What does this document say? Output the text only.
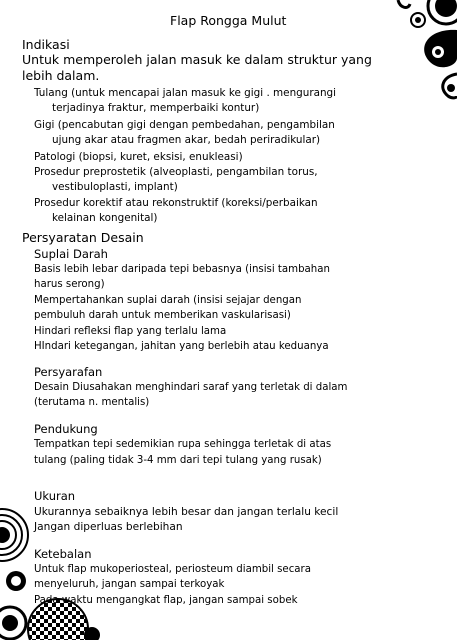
Flap Rongga Mulut
Indikasi
Untuk memperoleh jalan masuk ke dalam struktur yang
lebih dalam.
Tulang (untuk mencapai jalan masuk ke gigi . mengurangi
terjadinya fraktur, memperbaiki kontur)
Gigi (pencabutan gigi dengan pembedahan, pengambilan
ujung akar atau fragmen akar, bedah periradikular)
Patologi (biopsi, kuret, eksisi, enukleasi)
Prosedur preprostetik (alveoplasti, pengambilan torus,
vestibuloplasti, implant)
Prosedur korektif atau rekonstruktif (koreksi/perbaikan
kelainan kongenital)
Persyaratan Desain
Suplai Darah
Basis lebih lebar daripada tepi bebasnya (insisi tambahan
harus serong)
Mempertahankan suplai darah (insisi sejajar dengan
pembuluh darah untuk memberikan vaskularisasi)
Hindari refleksi flap yang terlalu lama
HIndari ketegangan, jahitan yang berlebih atau keduanya
Persyarafan
Desain Diusahakan menghindari saraf yang terletak di dalam
(terutama n. mentalis)
Pendukung
Tempatkan tepi sedemikian rupa sehingga terletak di atas
tulang (paling tidak 3-4 mm dari tepi tulang yang rusak)
Ukuran
Ukurannya sebaiknya lebih besar dan jangan terlalu kecil
Jangan diperluas berlebihan
Ketebalan
Untuk flap mukoperiosteal, periosteum diambil secara
menyeluruh, jangan sampai terkoyak
Pada waktu mengangkat flap, jangan sampai sobek
